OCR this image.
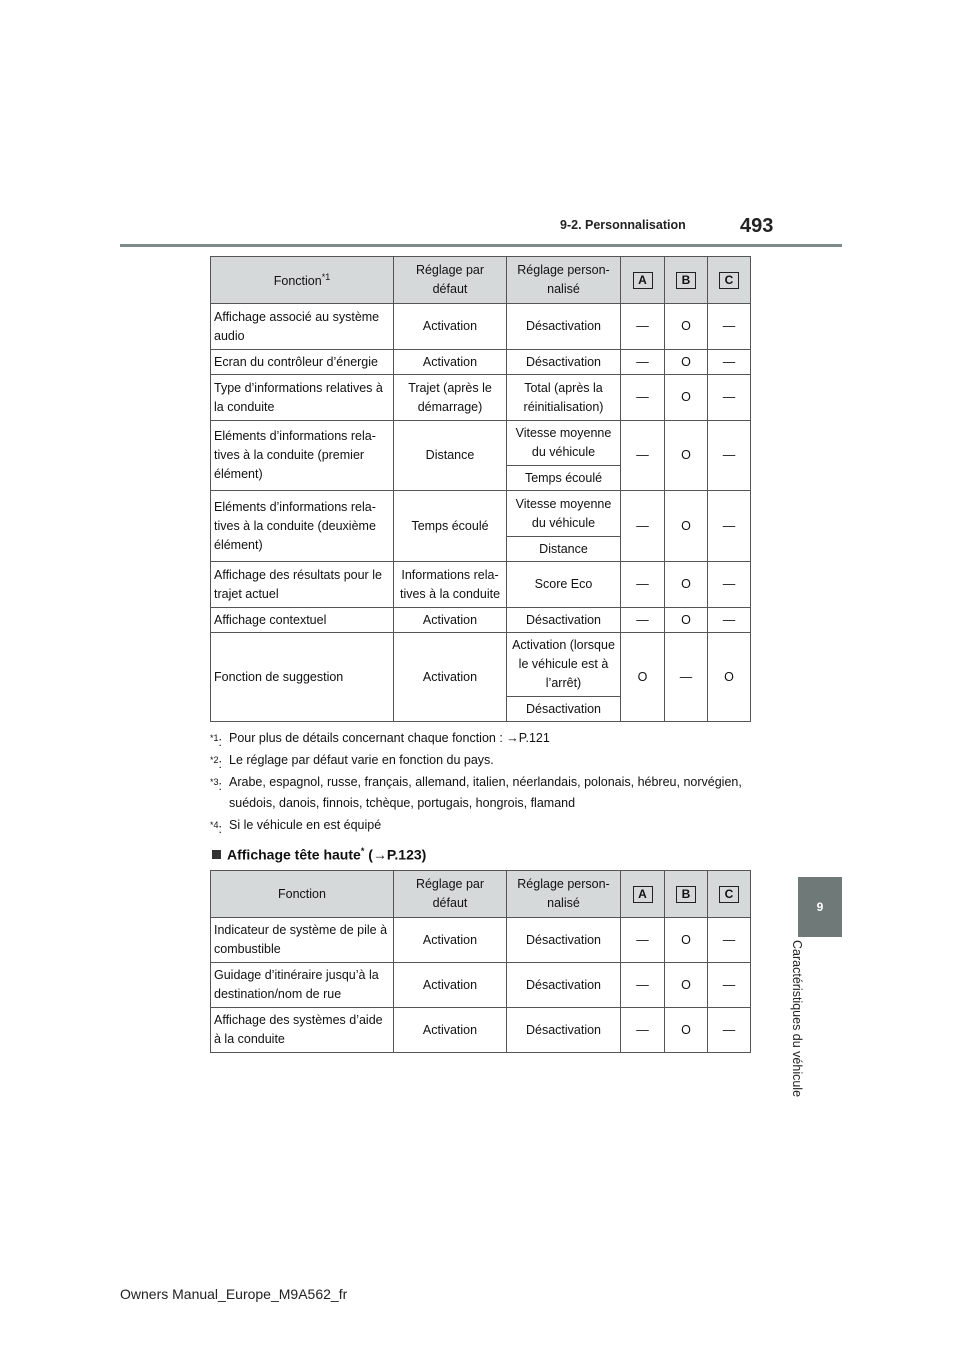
9-2. Personnalisation	493
9
Caractéristiques du véhicule
Fonction$^{*1}$	Réglage par défaut	Réglage personnalisé	A	B	C
Affichage associé au système audio	Activation	Désactivation	—	O	—
Ecran du contrôleur d’énergie	Activation	Désactivation	—	O	—
Type d’informations relatives à la conduite	Trajet (après le démarrage)	Total (après la réinitialisation)	—	O	—
Eléments d’informations relatives à la conduite (premier élément)	Distance	Vitesse moyenne du véhicule	—	O	—
		Temps écoulé			
Eléments d’informations relatives à la conduite (deuxième élément)	Temps écoulé	Vitesse moyenne du véhicule	—	O	—
		Distance			
Affichage des résultats pour le trajet actuel	Informations relatives à la conduite	Score Eco	—	O	—
Affichage contextuel	Activation	Désactivation	—	O	—
Fonction de suggestion	Activation	Activation (lorsque le véhicule est à l’arrêt)	O	—	O
		Désactivation			
$^{*1}$: Pour plus de détails concernant chaque fonction : →P.121
$^{*2}$: Le réglage par défaut varie en fonction du pays.
$^{*3}$: Arabe, espagnol, russe, français, allemand, italien, néerlandais, polonais, hébreu, norvégien, suédois, danois, finnois, tchèque, portugais, hongrois, flamand
$^{*4}$: Si le véhicule en est équipé
Affichage tête haute* (→P.123)
Fonction	Réglage par défaut	Réglage personnalisé	A	B	C
Indicateur de système de pile à combustible	Activation	Désactivation	—	O	—
Guidage d’itinéraire jusqu’à la destination/nom de rue	Activation	Désactivation	—	O	—
Affichage des systèmes d’aide à la conduite	Activation	Désactivation	—	O	—
Owners Manual_Europe_M9A562_fr
